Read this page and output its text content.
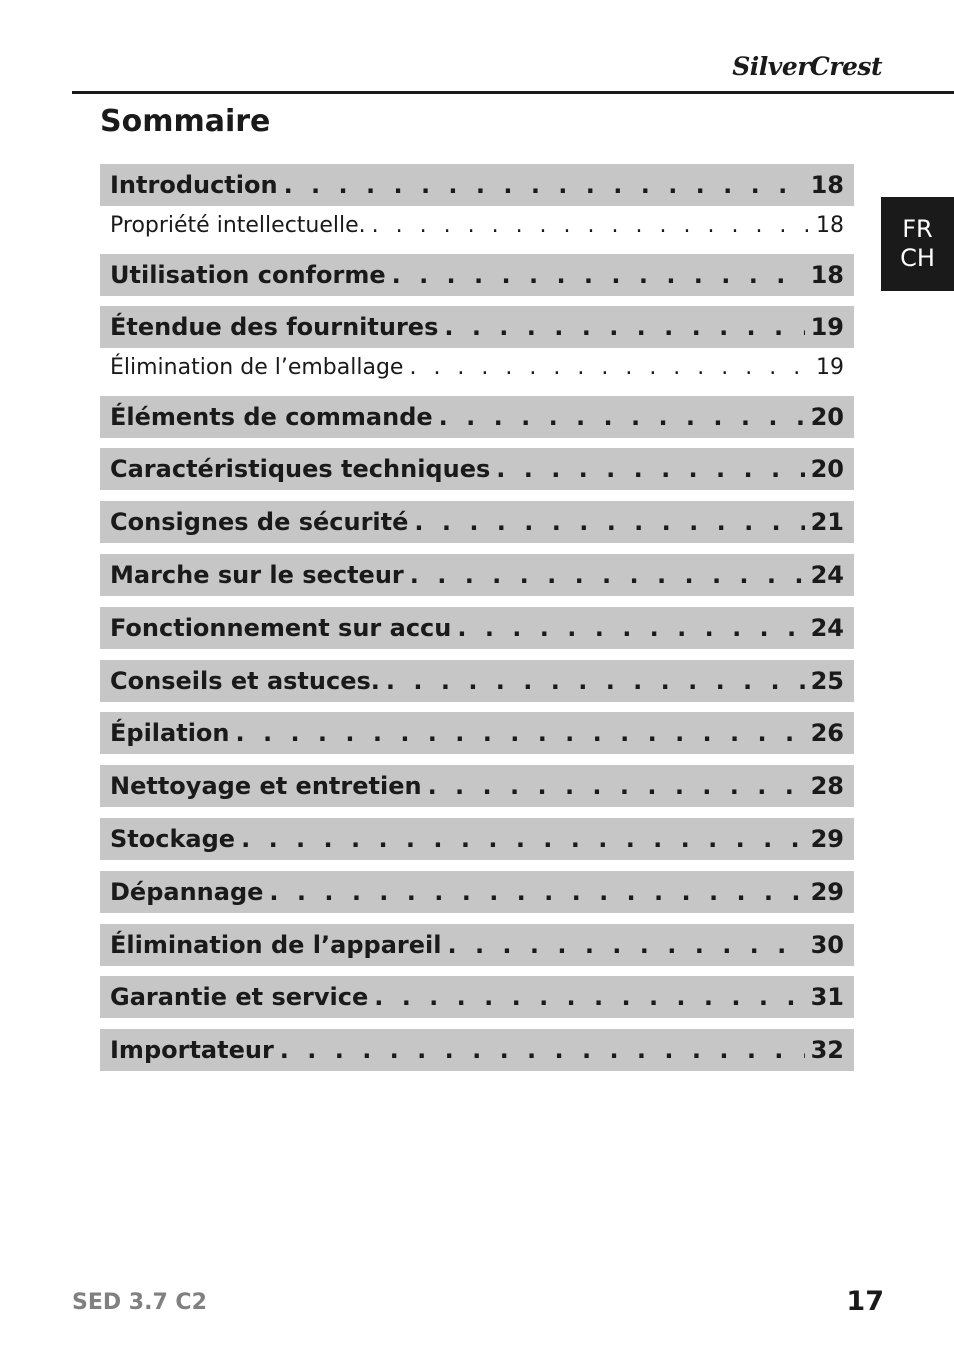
SilverCrest
Sommaire
Introduction . . .	18
Propriété intellectuelle. . . .	18
Utilisation conforme . . .	18
Étendue des fournitures . . .	19
Élimination de l’emballage . . .	19
Éléments de commande . . .	20
Caractéristiques techniques . . .	20
Consignes de sécurité . . .	21
Marche sur le secteur . . .	24
Fonctionnement sur accu . . .	24
Conseils et astuces. . . .	25
Épilation . . .	26
Nettoyage et entretien . . .	28
Stockage . . .	29
Dépannage . . .	29
Élimination de l’appareil . . .	30
Garantie et service . . .	31
Importateur . . .	32
FR
CH
SED 3.7 C2	17
